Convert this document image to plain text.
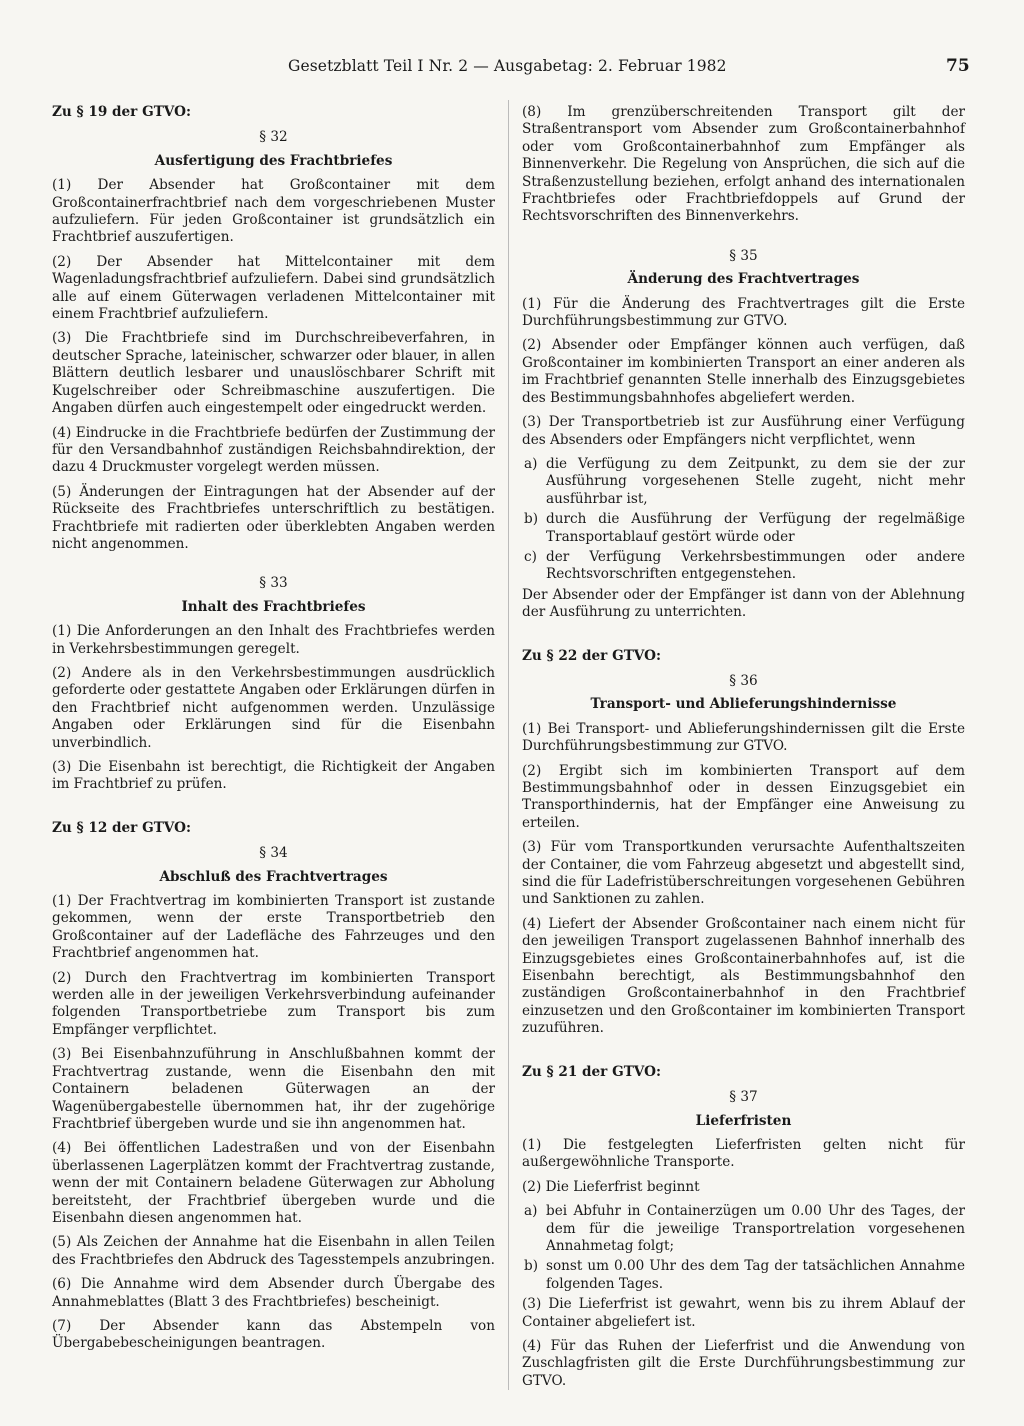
Gesetzblatt Teil I Nr. 2 — Ausgabetag: 2. Februar 1982	75
Zu § 19 der GTVO:
§ 32
Ausfertigung des Frachtbriefes

(1) Der Absender hat Großcontainer mit dem Großcontainerfrachtbrief nach dem vorgeschriebenen Muster aufzuliefern. Für jeden Großcontainer ist grundsätzlich ein Frachtbrief auszufertigen.

(2) Der Absender hat Mittelcontainer mit dem Wagenladungsfrachtbrief aufzuliefern. Dabei sind grundsätzlich alle auf einem Güterwagen verladenen Mittelcontainer mit einem Frachtbrief aufzuliefern.

(3) Die Frachtbriefe sind im Durchschreibeverfahren, in deutscher Sprache, lateinischer, schwarzer oder blauer, in allen Blättern deutlich lesbarer und unauslöschbarer Schrift mit Kugelschreiber oder Schreibmaschine auszufertigen. Die Angaben dürfen auch eingestempelt oder eingedruckt werden.

(4) Eindrucke in die Frachtbriefe bedürfen der Zustimmung der für den Versandbahnhof zuständigen Reichsbahndirektion, der dazu 4 Druckmuster vorgelegt werden müssen.

(5) Änderungen der Eintragungen hat der Absender auf der Rückseite des Frachtbriefes unterschriftlich zu bestätigen. Frachtbriefe mit radierten oder überklebten Angaben werden nicht angenommen.

§ 33
Inhalt des Frachtbriefes

(1) Die Anforderungen an den Inhalt des Frachtbriefes werden in Verkehrsbestimmungen geregelt.

(2) Andere als in den Verkehrsbestimmungen ausdrücklich geforderte oder gestattete Angaben oder Erklärungen dürfen in den Frachtbrief nicht aufgenommen werden. Unzulässige Angaben oder Erklärungen sind für die Eisenbahn unverbindlich.

(3) Die Eisenbahn ist berechtigt, die Richtigkeit der Angaben im Frachtbrief zu prüfen.

Zu § 12 der GTVO:
§ 34
Abschluß des Frachtvertrages

(1) Der Frachtvertrag im kombinierten Transport ist zustande gekommen, wenn der erste Transportbetrieb den Großcontainer auf der Ladefläche des Fahrzeuges und den Frachtbrief angenommen hat.

(2) Durch den Frachtvertrag im kombinierten Transport werden alle in der jeweiligen Verkehrsverbindung aufeinander folgenden Transportbetriebe zum Transport bis zum Empfänger verpflichtet.

(3) Bei Eisenbahnzuführung in Anschlußbahnen kommt der Frachtvertrag zustande, wenn die Eisenbahn den mit Containern beladenen Güterwagen an der Wagenübergabestelle übernommen hat, ihr der zugehörige Frachtbrief übergeben wurde und sie ihn angenommen hat.

(4) Bei öffentlichen Ladestraßen und von der Eisenbahn überlassenen Lagerplätzen kommt der Frachtvertrag zustande, wenn der mit Containern beladene Güterwagen zur Abholung bereitsteht, der Frachtbrief übergeben wurde und die Eisenbahn diesen angenommen hat.

(5) Als Zeichen der Annahme hat die Eisenbahn in allen Teilen des Frachtbriefes den Abdruck des Tagesstempels anzubringen.

(6) Die Annahme wird dem Absender durch Übergabe des Annahmeblattes (Blatt 3 des Frachtbriefes) bescheinigt.

(7) Der Absender kann das Abstempeln von Übergabebescheinigungen beantragen.

(8) Im grenzüberschreitenden Transport gilt der Straßentransport vom Absender zum Großcontainerbahnhof oder vom Großcontainerbahnhof zum Empfänger als Binnenverkehr. Die Regelung von Ansprüchen, die sich auf die Straßenzustellung beziehen, erfolgt anhand des internationalen Frachtbriefes oder Frachtbriefdoppels auf Grund der Rechtsvorschriften des Binnenverkehrs.

§ 35
Änderung des Frachtvertrages

(1) Für die Änderung des Frachtvertrages gilt die Erste Durchführungsbestimmung zur GTVO.

(2) Absender oder Empfänger können auch verfügen, daß Großcontainer im kombinierten Transport an einer anderen als im Frachtbrief genannten Stelle innerhalb des Einzugsgebietes des Bestimmungsbahnhofes abgeliefert werden.

(3) Der Transportbetrieb ist zur Ausführung einer Verfügung des Absenders oder Empfängers nicht verpflichtet, wenn

a) die Verfügung zu dem Zeitpunkt, zu dem sie der zur Ausführung vorgesehenen Stelle zugeht, nicht mehr ausführbar ist,
b) durch die Ausführung der Verfügung der regelmäßige Transportablauf gestört würde oder
c) der Verfügung Verkehrsbestimmungen oder andere Rechtsvorschriften entgegenstehen.

Der Absender oder der Empfänger ist dann von der Ablehnung der Ausführung zu unterrichten.

Zu § 22 der GTVO:
§ 36
Transport- und Ablieferungshindernisse

(1) Bei Transport- und Ablieferungshindernissen gilt die Erste Durchführungsbestimmung zur GTVO.

(2) Ergibt sich im kombinierten Transport auf dem Bestimmungsbahnhof oder in dessen Einzugsgebiet ein Transporthindernis, hat der Empfänger eine Anweisung zu erteilen.

(3) Für vom Transportkunden verursachte Aufenthaltszeiten der Container, die vom Fahrzeug abgesetzt und abgestellt sind, sind die für Ladefristüberschreitungen vorgesehenen Gebühren und Sanktionen zu zahlen.

(4) Liefert der Absender Großcontainer nach einem nicht für den jeweiligen Transport zugelassenen Bahnhof innerhalb des Einzugsgebietes eines Großcontainerbahnhofes auf, ist die Eisenbahn berechtigt, als Bestimmungsbahnhof den zuständigen Großcontainerbahnhof in den Frachtbrief einzusetzen und den Großcontainer im kombinierten Transport zuzuführen.

Zu § 21 der GTVO:
§ 37
Lieferfristen

(1) Die festgelegten Lieferfristen gelten nicht für außergewöhnliche Transporte.

(2) Die Lieferfrist beginnt

a) bei Abfuhr in Containerzügen um 0.00 Uhr des Tages, der dem für die jeweilige Transportrelation vorgesehenen Annahmetag folgt;
b) sonst um 0.00 Uhr des dem Tag der tatsächlichen Annahme folgenden Tages.

(3) Die Lieferfrist ist gewahrt, wenn bis zu ihrem Ablauf der Container abgeliefert ist.

(4) Für das Ruhen der Lieferfrist und die Anwendung von Zuschlagfristen gilt die Erste Durchführungsbestimmung zur GTVO.
